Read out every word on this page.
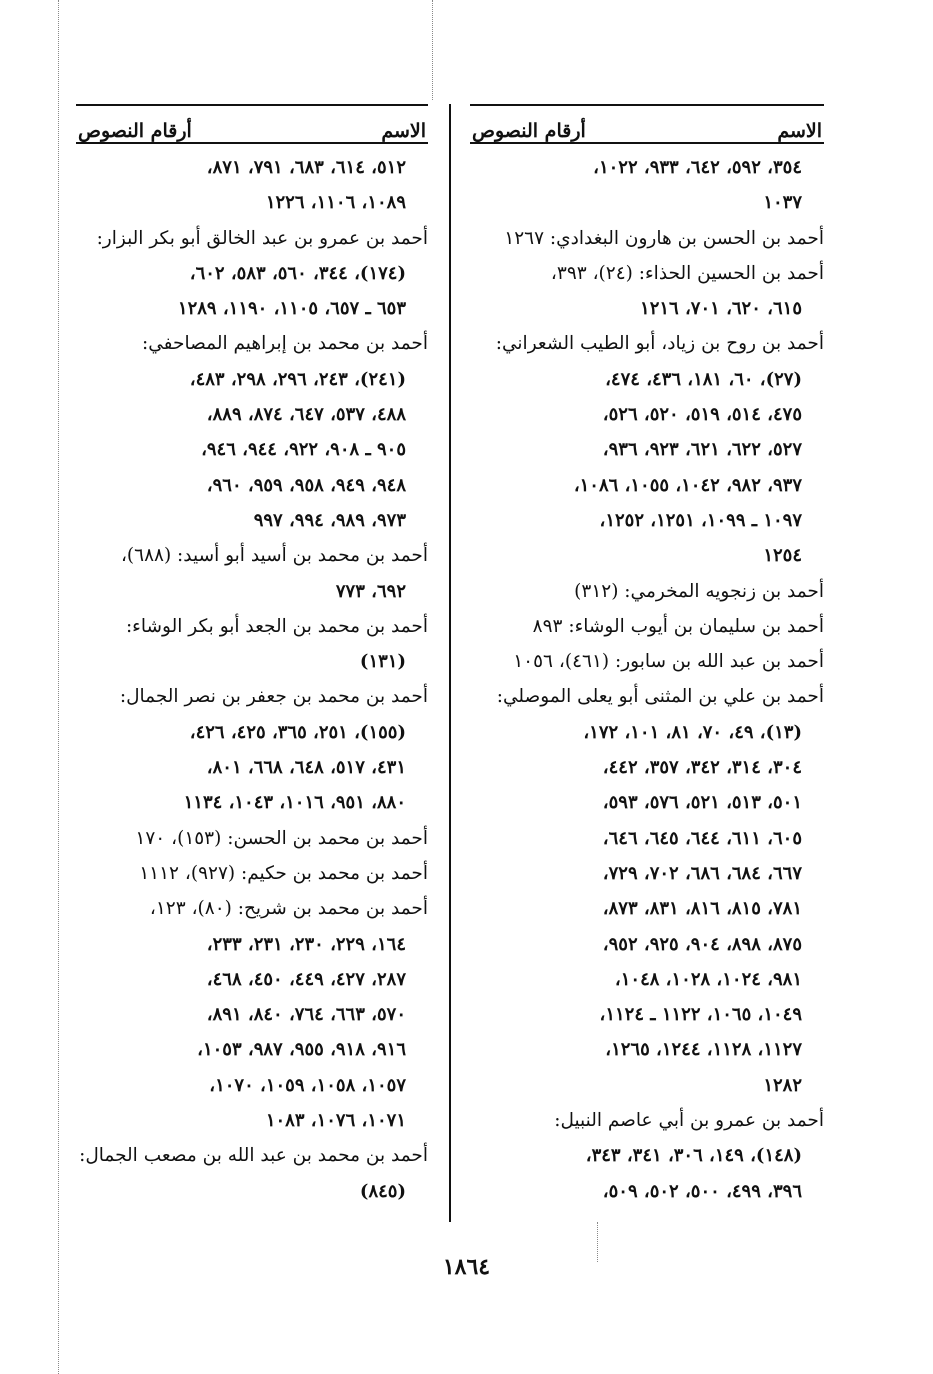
الاسم
أرقام النصوص
٣٥٤، ٥٩٢، ٦٤٢، ٩٣٣، ١٠٢٢،
١٠٣٧
أحمد بن الحسن بن هارون البغدادي: ١٢٦٧
أحمد بن الحسين الحذاء: (٢٤)، ٣٩٣،
٦١٥، ٦٢٠، ٧٠١، ١٢١٦
أحمد بن روح بن زياد، أبو الطيب الشعراني:
(٢٧)، ٦٠، ١٨١، ٤٣٦، ٤٧٤،
٤٧٥، ٥١٤، ٥١٩، ٥٢٠، ٥٢٦،
٥٢٧، ٦٢٢، ٦٢١، ٩٢٣، ٩٣٦،
٩٣٧، ٩٨٢، ١٠٤٢، ١٠٥٥، ١٠٨٦،
١٠٩٧ ـ ١٠٩٩، ١٢٥١، ١٢٥٢،
١٢٥٤
أحمد بن زنجويه المخرمي: (٣١٢)
أحمد بن سليمان بن أيوب الوشاء: ٨٩٣
أحمد بن عبد الله بن سابور: (٤٦١)، ١٠٥٦
أحمد بن علي بن المثنى أبو يعلى الموصلي:
(١٣)، ٤٩، ٧٠، ٨١، ١٠١، ١٧٢،
٣٠٤، ٣١٤، ٣٤٢، ٣٥٧، ٤٤٢،
٥٠١، ٥١٣، ٥٢١، ٥٧٦، ٥٩٣،
٦٠٥، ٦١١، ٦٤٤، ٦٤٥، ٦٤٦،
٦٦٧، ٦٨٤، ٦٨٦، ٧٠٢، ٧٢٩،
٧٨١، ٨١٥، ٨١٦، ٨٣١، ٨٧٣،
٨٧٥، ٨٩٨، ٩٠٤، ٩٢٥، ٩٥٢،
٩٨١، ١٠٢٤، ١٠٢٨، ١٠٤٨،
١٠٤٩، ١٠٦٥، ١١٢٢ ـ ١١٢٤،
١١٢٧، ١١٢٨، ١٢٤٤، ١٢٦٥،
١٢٨٢
أحمد بن عمرو بن أبي عاصم النبيل:
(١٤٨)، ١٤٩، ٣٠٦، ٣٤١، ٣٤٣،
٣٩٦، ٤٩٩، ٥٠٠، ٥٠٢، ٥٠٩،
الاسم
أرقام النصوص
٥١٢، ٦١٤، ٦٨٣، ٧٩١، ٨٧١،
١٠٨٩، ١١٠٦، ١٢٢٦
أحمد بن عمرو بن عبد الخالق أبو بكر البزار:
(١٧٤)، ٣٤٤، ٥٦٠، ٥٨٣، ٦٠٢،
٦٥٣ ـ ٦٥٧، ١١٠٥، ١١٩٠، ١٢٨٩
أحمد بن محمد بن إبراهيم المصاحفي:
(٢٤١)، ٢٤٣، ٢٩٦، ٢٩٨، ٤٨٣،
٤٨٨، ٥٣٧، ٦٤٧، ٨٧٤، ٨٨٩،
٩٠٥ ـ ٩٠٨، ٩٢٢، ٩٤٤، ٩٤٦،
٩٤٨، ٩٤٩، ٩٥٨، ٩٥٩، ٩٦٠،
٩٧٣، ٩٨٩، ٩٩٤، ٩٩٧
أحمد بن محمد بن أسيد أبو أسيد: (٦٨٨)،
٦٩٢، ٧٧٣
أحمد بن محمد بن الجعد أبو بكر الوشاء:
(١٣١)
أحمد بن محمد بن جعفر بن نصر الجمال:
(١٥٥)، ٢٥١، ٣٦٥، ٤٢٥، ٤٢٦،
٤٣١، ٥١٧، ٦٤٨، ٦٦٨، ٨٠١،
٨٨٠، ٩٥١، ١٠١٦، ١٠٤٣، ١١٣٤
أحمد بن محمد بن الحسن: (١٥٣)، ١٧٠
أحمد بن محمد بن حكيم: (٩٢٧)، ١١١٢
أحمد بن محمد بن شريح: (٨٠)، ١٢٣،
١٦٤، ٢٢٩، ٢٣٠، ٢٣١، ٢٣٣،
٢٨٧، ٤٢٧، ٤٤٩، ٤٥٠، ٤٦٨،
٥٧٠، ٦٦٣، ٧٦٤، ٨٤٠، ٨٩١،
٩١٦، ٩١٨، ٩٥٥، ٩٨٧، ١٠٥٣،
١٠٥٧، ١٠٥٨، ١٠٥٩، ١٠٧٠،
١٠٧١، ١٠٧٦، ١٠٨٣
أحمد بن محمد بن عبد الله بن مصعب الجمال:
(٨٤٥)
١٨٦٤
